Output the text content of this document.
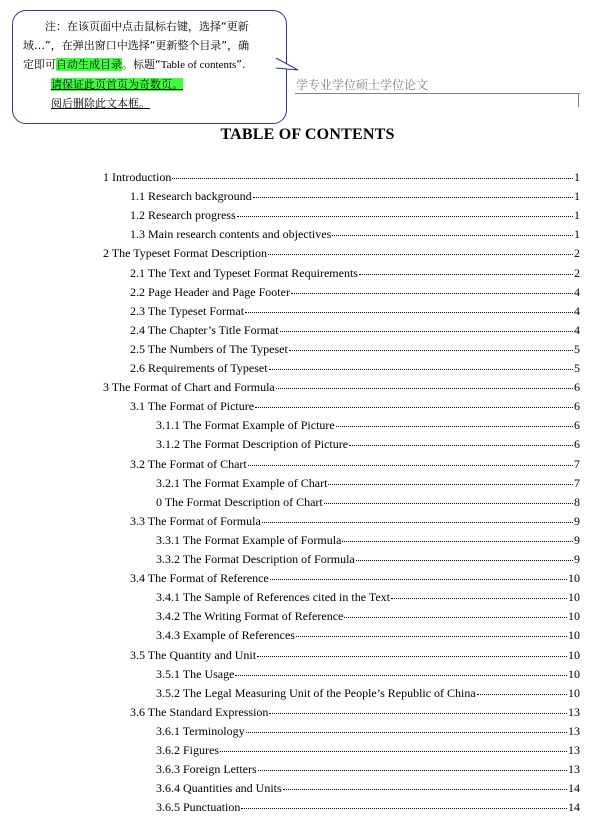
学专业学位硕士学位论文

注：在该页面中点击鼠标右键，选择“更新

域…”，在弹出窗口中选择“更新整个目录”，确

定即可自动生成目录。标题“Table of contents”.

请保证此页首页为奇数页。

阅后删除此文本框。

TABLE OF CONTENTS
1 Introduction	1
1.1 Research background	1
1.2 Research progress	1
1.3 Main research contents and objectives	1
2 The Typeset Format Description	2
2.1 The Text and Typeset Format Requirements	2
2.2 Page Header and Page Footer	4
2.3 The Typeset Format	4
2.4 The Chapter’s Title Format	4
2.5 The Numbers of The Typeset	5
2.6 Requirements of Typeset	5
3 The Format of Chart and Formula	6
3.1 The Format of Picture	6
3.1.1 The Format Example of Picture	6
3.1.2 The Format Description of Picture	6
3.2 The Format of Chart	7
3.2.1 The Format Example of Chart	7
0 The Format Description of Chart	8
3.3 The Format of Formula	9
3.3.1 The Format Example of Formula	9
3.3.2 The Format Description of Formula	9
3.4 The Format of Reference	10
3.4.1 The Sample of References cited in the Text	10
3.4.2 The Writing Format of Reference	10
3.4.3 Example of References	10
3.5 The Quantity and Unit	10
3.5.1 The Usage	10
3.5.2 The Legal Measuring Unit of the People’s Republic of China	10
3.6 The Standard Expression	13
3.6.1 Terminology	13
3.6.2 Figures	13
3.6.3 Foreign Letters	13
3.6.4 Quantities and Units	14
3.6.5 Punctuation	14
